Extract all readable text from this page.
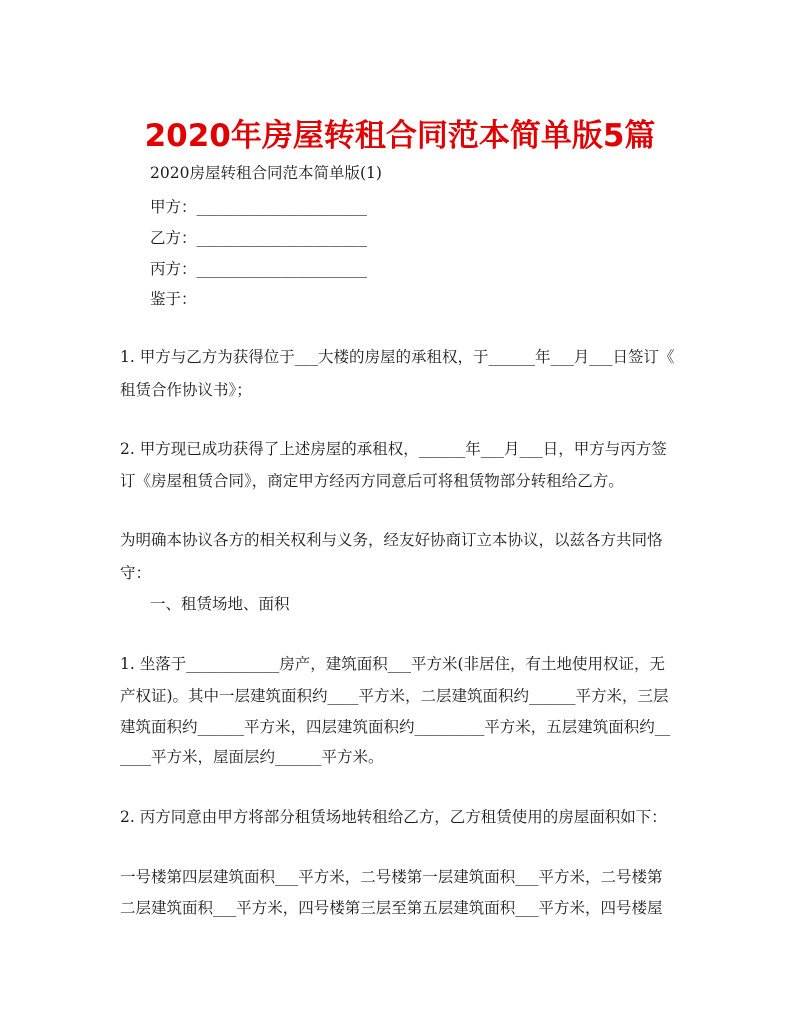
2020年房屋转租合同范本简单版5篇
2020房屋转租合同范本简单版(1)
甲方：______________________
乙方：______________________
丙方：______________________
鉴于：
1. 甲方与乙方为获得位于___大楼的房屋的承租权，于______年___月___日签订《
租赁合作协议书》；
2. 甲方现已成功获得了上述房屋的承租权，______年___月___日，甲方与丙方签
订《房屋租赁合同》，商定甲方经丙方同意后可将租赁物部分转租给乙方。
为明确本协议各方的相关权利与义务，经友好协商订立本协议，以兹各方共同恪
守：
一、租赁场地、面积
1. 坐落于____________房产，建筑面积___平方米(非居住，有土地使用权证，无
产权证)。其中一层建筑面积约____平方米，二层建筑面积约______平方米，三层
建筑面积约______平方米，四层建筑面积约_________平方米，五层建筑面积约__
____平方米，屋面层约______平方米。
2. 丙方同意由甲方将部分租赁场地转租给乙方，乙方租赁使用的房屋面积如下：
一号楼第四层建筑面积___平方米，二号楼第一层建筑面积___平方米，二号楼第
二层建筑面积___平方米，四号楼第三层至第五层建筑面积___平方米，四号楼屋
